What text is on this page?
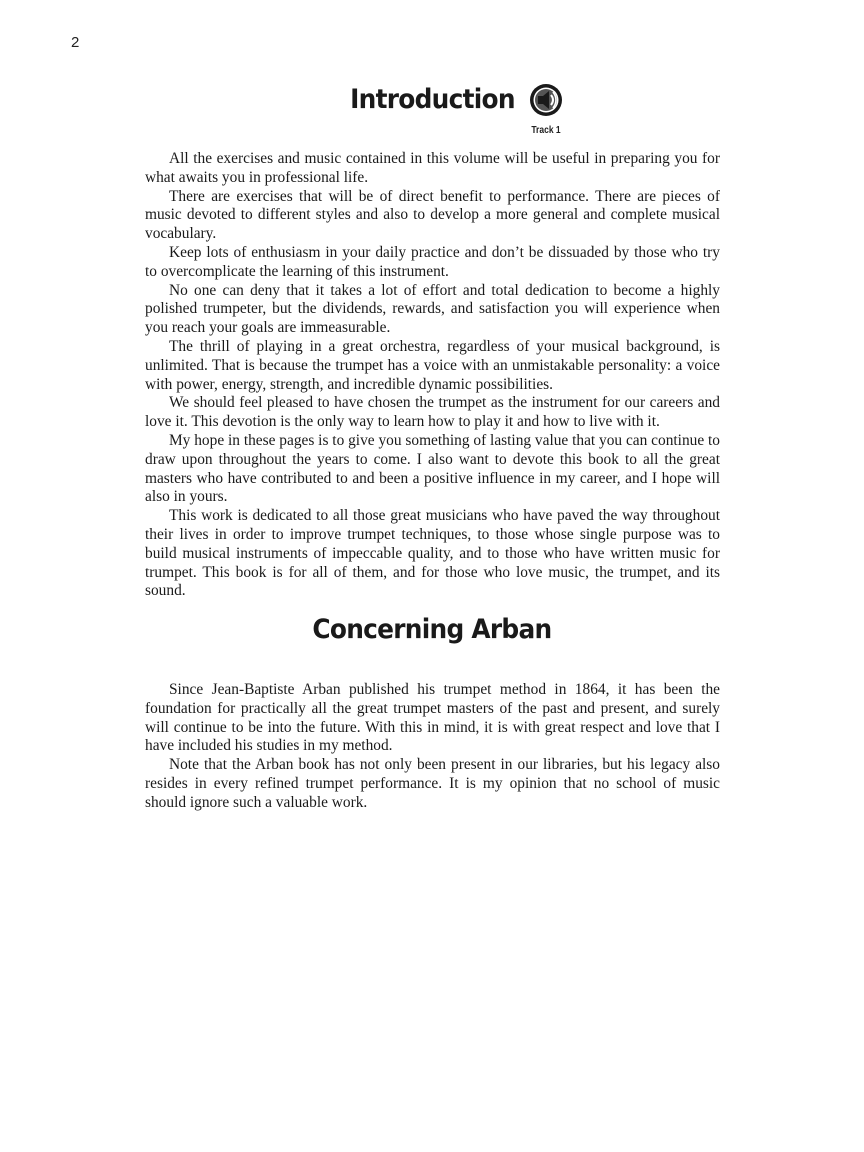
2
Introduction
Track 1

All the exercises and music contained in this volume will be useful in preparing you for what awaits you in professional life.

There are exercises that will be of direct benefit to performance. There are pieces of music devoted to different styles and also to develop a more general and complete musical vocabulary.

Keep lots of enthusiasm in your daily practice and don’t be dissuaded by those who try to overcomplicate the learning of this instrument.

No one can deny that it takes a lot of effort and total dedication to become a highly polished trumpeter, but the dividends, rewards, and satisfaction you will experience when you reach your goals are immeasurable.

The thrill of playing in a great orchestra, regardless of your musical background, is unlimited. That is because the trumpet has a voice with an unmistakable personality: a voice with power, energy, strength, and incredible dynamic possibilities.

We should feel pleased to have chosen the trumpet as the instrument for our careers and love it. This devotion is the only way to learn how to play it and how to live with it.

My hope in these pages is to give you something of lasting value that you can continue to draw upon throughout the years to come. I also want to devote this book to all the great masters who have contributed to and been a positive influence in my career, and I hope will also in yours.

This work is dedicated to all those great musicians who have paved the way throughout their lives in order to improve trumpet techniques, to those whose single purpose was to build musical instruments of impeccable quality, and to those who have written music for trumpet. This book is for all of them, and for those who love music, the trumpet, and its sound.

Concerning Arban

Since Jean-Baptiste Arban published his trumpet method in 1864, it has been the foundation for practically all the great trumpet masters of the past and present, and surely will continue to be into the future. With this in mind, it is with great respect and love that I have included his studies in my method.

Note that the Arban book has not only been present in our libraries, but his legacy also resides in every refined trumpet performance. It is my opinion that no school of music should ignore such a valuable work.
